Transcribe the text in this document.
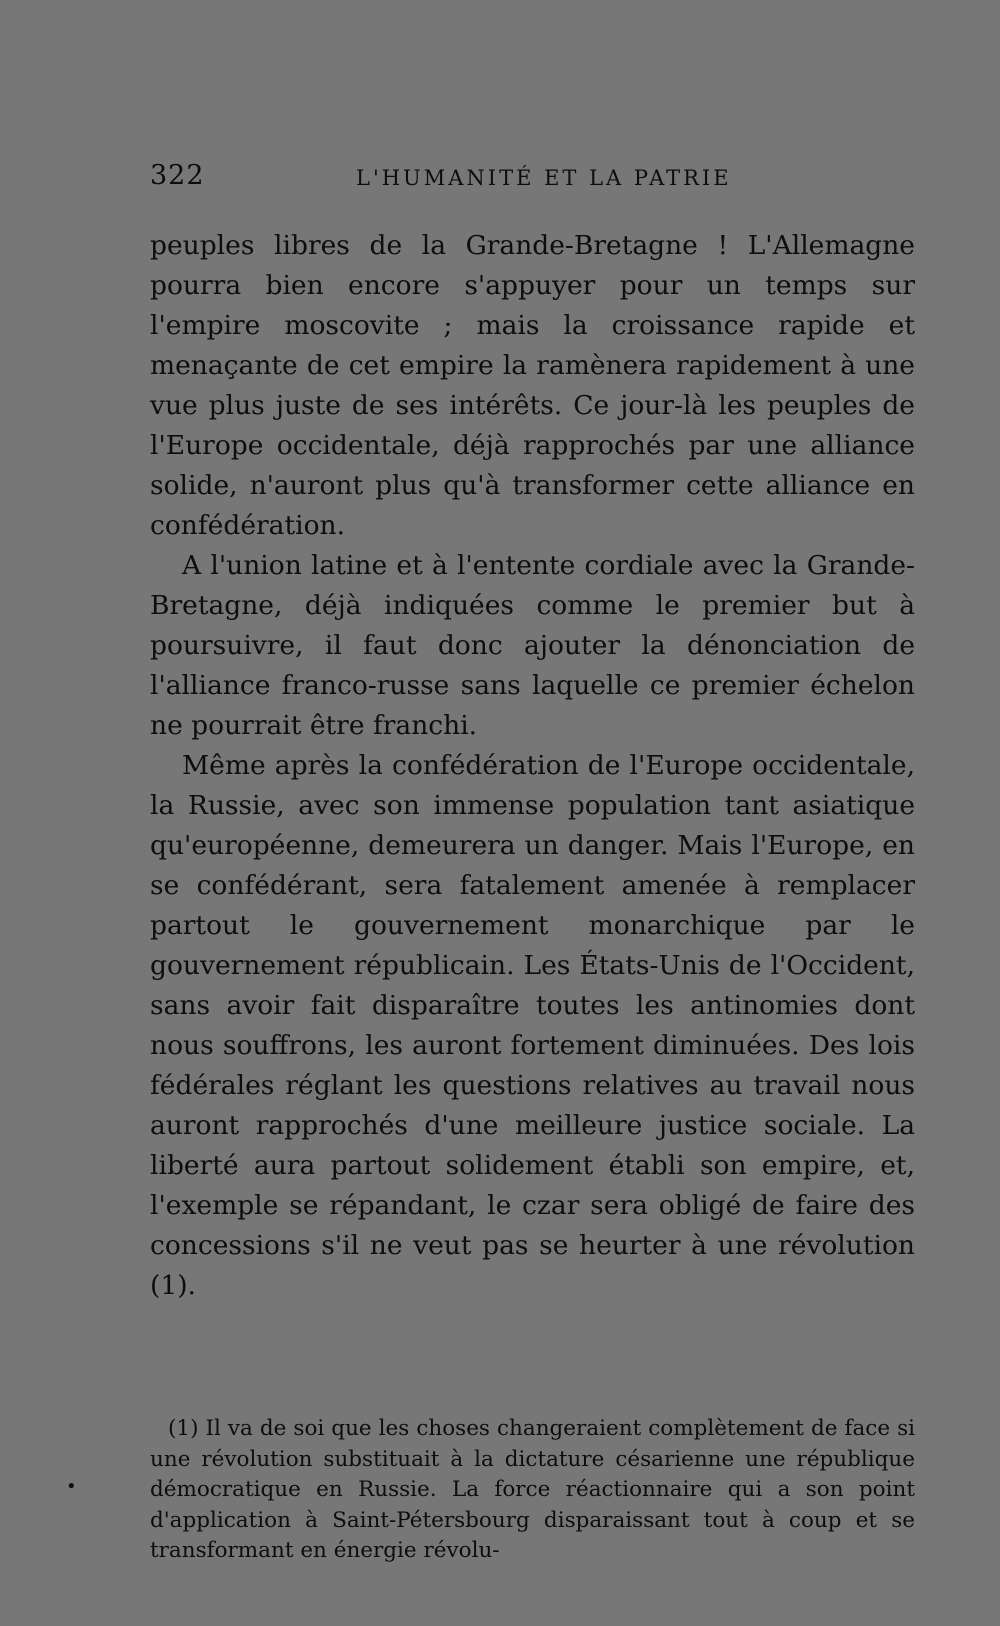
322	L'HUMANITÉ ET LA PATRIE

peuples libres de la Grande-Bretagne ! L'Allemagne pourra bien encore s'appuyer pour un temps sur l'empire moscovite ; mais la croissance rapide et menaçante de cet empire la ramènera rapidement à une vue plus juste de ses intérêts. Ce jour-là les peuples de l'Europe occidentale, déjà rapprochés par une alliance solide, n'auront plus qu'à transformer cette alliance en confédération.

A l'union latine et à l'entente cordiale avec la Grande-Bretagne, déjà indiquées comme le premier but à poursuivre, il faut donc ajouter la dénonciation de l'alliance franco-russe sans laquelle ce premier échelon ne pourrait être franchi.

Même après la confédération de l'Europe occidentale, la Russie, avec son immense population tant asiatique qu'européenne, demeurera un danger. Mais l'Europe, en se confédérant, sera fatalement amenée à remplacer partout le gouvernement monarchique par le gouvernement républicain. Les États-Unis de l'Occident, sans avoir fait disparaître toutes les antinomies dont nous souffrons, les auront fortement diminuées. Des lois fédérales réglant les questions relatives au travail nous auront rapprochés d'une meilleure justice sociale. La liberté aura partout solidement établi son empire, et, l'exemple se répandant, le czar sera obligé de faire des concessions s'il ne veut pas se heurter à une révolution (1).

•

(1) Il va de soi que les choses changeraient complètement de face si une révolution substituait à la dictature césarienne une république démocratique en Russie. La force réactionnaire qui a son point d'application à Saint-Pétersbourg disparaissant tout à coup et se transformant en énergie révolu-
